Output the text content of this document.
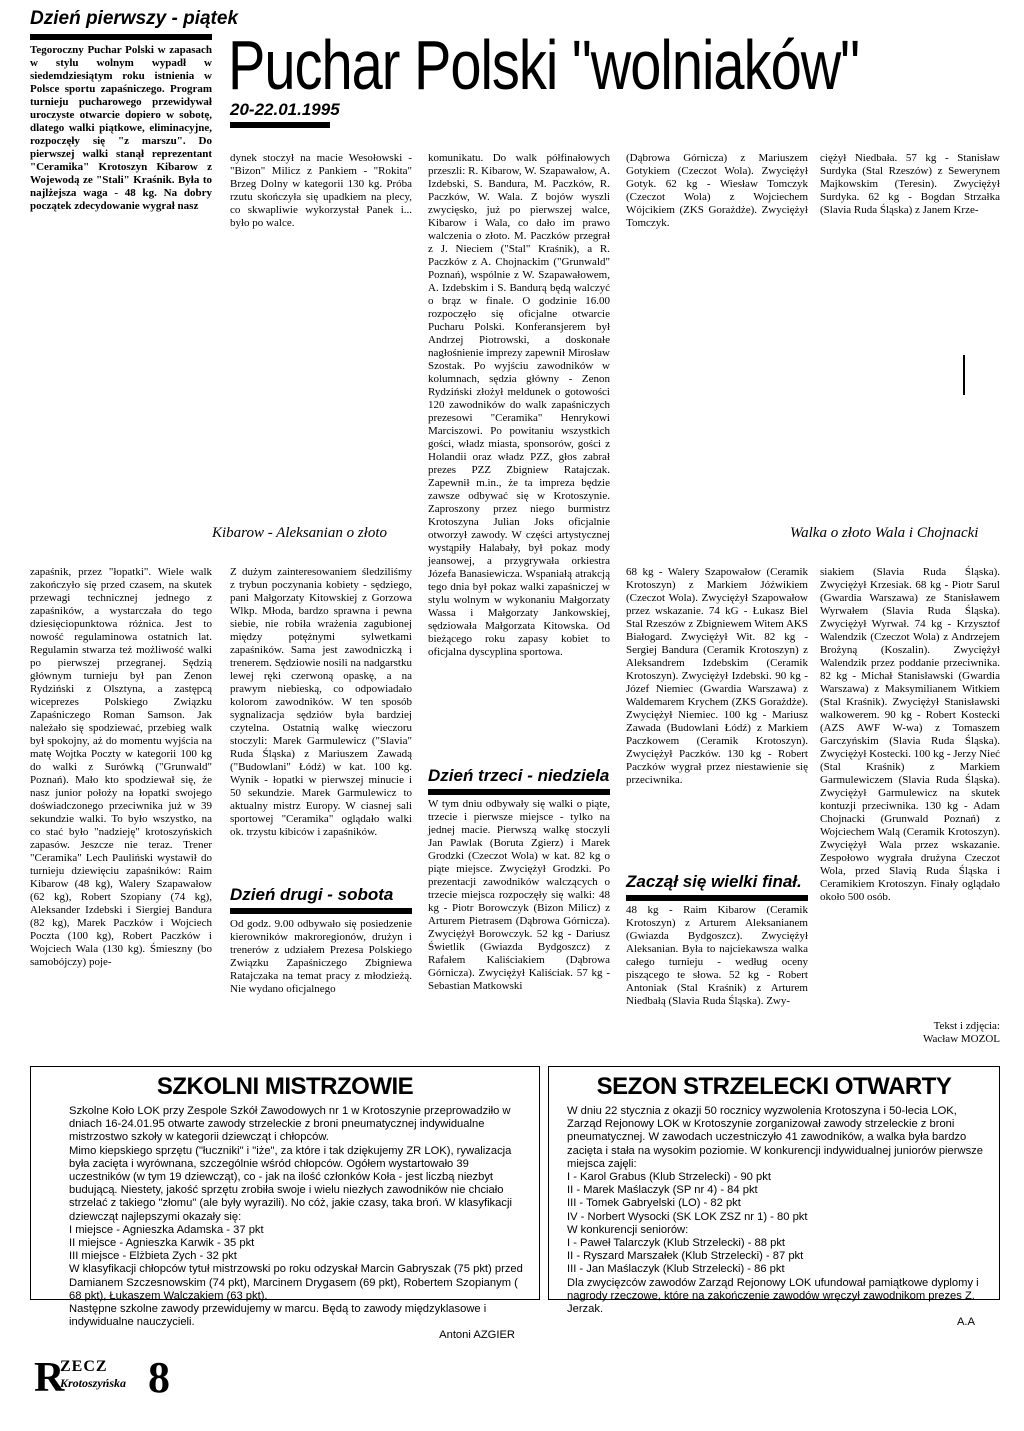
Dzień pierwszy - piątek
Tegoroczny Puchar Polski w zapasach w stylu wolnym wypadł w siedemdziesiątym roku istnienia w Polsce sportu zapaśniczego. Program turnieju pucharowego przewidywał uroczyste otwarcie dopiero w sobotę, dlatego walki piątkowe, eliminacyjne, rozpoczęły się "z marszu". Do pierwszej walki stanął reprezentant "Ceramika" Krotoszyn Kibarow z Wojewodą ze "Stali" Kraśnik. Była to najlżejsza waga - 48 kg. Na dobry początek zdecydowanie wygrał nasz
Puchar Polski "wolniaków"
20-22.01.1995
dynek stoczył na macie Wesołowski - "Bizon" Milicz z Pankiem - "Rokita" Brzeg Dolny w kategorii 130 kg. Próba rzutu skończyła się upadkiem na plecy, co skwapliwie wykorzystał Panek i... było po walce.
komunikatu. Do walk półfinałowych przeszli: R. Kibarow, W. Szapawałow, A. Izdebski, S. Bandura, M. Paczków, R. Paczków, W. Wala. Z bojów wyszli zwycięsko, już po pierwszej walce, Kibarow i Wala, co dało im prawo walczenia o złoto. M. Paczków przegrał z J. Nieciem ("Stal" Kraśnik), a R. Paczków z A. Chojnackim ("Grunwald" Poznań), wspólnie z W. Szapawałowem, A. Izdebskim i S. Bandurą będą walczyć o brąz w finale. O godzinie 16.00 rozpoczęło się oficjalne otwarcie Pucharu Polski. Konferansjerem był Andrzej Piotrowski, a doskonałe nagłośnienie imprezy zapewnił Mirosław Szostak. Po wyjściu zawodników w kolumnach, sędzia główny - Zenon Rydziński złożył meldunek o gotowości 120 zawodników do walk zapaśniczych prezesowi "Ceramika" Henrykowi Marciszowi. Po powitaniu wszystkich gości, władz miasta, sponsorów, gości z Holandii oraz władz PZZ, głos zabrał prezes PZZ Zbigniew Ratajczak. Zapewnił m.in., że ta impreza będzie zawsze odbywać się w Krotoszynie. Zaproszony przez niego burmistrz Krotoszyna Julian Joks oficjalnie otworzył zawody. W części artystycznej wystąpiły Halabały, był pokaz mody jeansowej, a przygrywała orkiestra Józefa Banasiewicza. Wspaniałą atrakcją tego dnia był pokaz walki zapaśniczej w stylu wolnym w wykonaniu Małgorzaty Wassa i Małgorzaty Jankowskiej, sędziowała Małgorzata Kitowska. Od bieżącego roku zapasy kobiet to oficjalna dyscyplina sportowa.
(Dąbrowa Górnicza) z Mariuszem Gotykiem (Czeczot Wola). Zwyciężył Gotyk. 62 kg - Wiesław Tomczyk (Czeczot Wola) z Wojciechem Wójcikiem (ZKS Gorażdże). Zwyciężył Tomczyk.
ciężył Niedbała. 57 kg - Stanisław Surdyka (Stal Rzeszów) z Sewerynem Majkowskim (Teresin). Zwyciężył Surdyka. 62 kg - Bogdan Strzałka (Slavia Ruda Śląska) z Janem Krze-
Kibarow - Aleksanian o złoto	Walka o złoto Wala i Chojnacki
zapaśnik, przez "łopatki". Wiele walk zakończyło się przed czasem, na skutek przewagi technicznej jednego z zapaśników, a wystarczała do tego dziesięciopunktowa różnica. Jest to nowość regulaminowa ostatnich lat. Regulamin stwarza też możliwość walki po pierwszej przegranej. Sędzią głównym turnieju był pan Zenon Rydziński z Olsztyna, a zastępcą wiceprezes Polskiego Związku Zapaśniczego Roman Samson. Jak należało się spodziewać, przebieg walk był spokojny, aż do momentu wyjścia na matę Wojtka Poczty w kategorii 100 kg do walki z Surówką ("Grunwald" Poznań). Mało kto spodziewał się, że nasz junior położy na łopatki swojego doświadczonego przeciwnika już w 39 sekundzie walki. To było wszystko, na co stać było "nadzieję" krotoszyńskich zapasów. Jeszcze nie teraz. Trener "Ceramika" Lech Pauliński wystawił do turnieju dziewięciu zapaśników: Raim Kibarow (48 kg), Walery Szapawałow (62 kg), Robert Szopiany (74 kg), Aleksander Izdebski i Siergiej Bandura (82 kg), Marek Paczków i Wojciech Poczta (100 kg), Robert Paczków i Wojciech Wala (130 kg). Śmieszny (bo samobójczy) poje-
Z dużym zainteresowaniem śledziliśmy z trybun poczynania kobiety - sędziego, pani Małgorzaty Kitowskiej z Gorzowa Wlkp. Młoda, bardzo sprawna i pewna siebie, nie robiła wrażenia zagubionej między potężnymi sylwetkami zapaśników. Sama jest zawodniczką i trenerem. Sędziowie nosili na nadgarstku lewej ręki czerwoną opaskę, a na prawym niebieską, co odpowiadało kolorom zawodników. W ten sposób sygnalizacja sędziów była bardziej czytelna. Ostatnią walkę wieczoru stoczyli: Marek Garmulewicz ("Slavia" Ruda Śląska) z Mariuszem Zawadą ("Budowlani" Łódź) w kat. 100 kg. Wynik - łopatki w pierwszej minucie i 50 sekundzie. Marek Garmulewicz to aktualny mistrz Europy. W ciasnej sali sportowej "Ceramika" oglądało walki ok. trzystu kibiców i zapaśników.
Dzień drugi - sobota
Od godz. 9.00 odbywało się posiedzenie kierowników makroregionów, drużyn i trenerów z udziałem Prezesa Polskiego Związku Zapaśniczego Zbigniewa Ratajczaka na temat pracy z młodzieżą. Nie wydano oficjalnego
Dzień trzeci - niedziela
W tym dniu odbywały się walki o piąte, trzecie i pierwsze miejsce - tylko na jednej macie. Pierwszą walkę stoczyli Jan Pawlak (Boruta Zgierz) i Marek Grodzki (Czeczot Wola) w kat. 82 kg o piąte miejsce. Zwyciężył Grodzki. Po prezentacji zawodników walczących o trzecie miejsca rozpoczęły się walki: 48 kg - Piotr Borowczyk (Bizon Milicz) z Arturem Pietrasem (Dąbrowa Górnicza). Zwyciężył Borowczyk. 52 kg - Dariusz Świetlik (Gwiazda Bydgoszcz) z Rafałem Kaliściakiem (Dąbrowa Górnicza). Zwyciężył Kaliściak. 57 kg - Sebastian Matkowski
68 kg - Walery Szapowałow (Ceramik Krotoszyn) z Markiem Jóźwikiem (Czeczot Wola). Zwyciężył Szapowałow przez wskazanie. 74 kG - Łukasz Biel Stal Rzeszów z Zbigniewem Witem AKS Białogard. Zwyciężył Wit. 82 kg - Sergiej Bandura (Ceramik Krotoszyn) z Aleksandrem Izdebskim (Ceramik Krotoszyn). Zwyciężył Izdebski. 90 kg - Józef Niemiec (Gwardia Warszawa) z Waldemarem Krychem (ZKS Gorażdże). Zwyciężył Niemiec. 100 kg - Mariusz Zawada (Budowlani Łódź) z Markiem Paczkowem (Ceramik Krotoszyn). Zwyciężył Paczków. 130 kg - Robert Paczków wygrał przez niestawienie się przeciwnika.
Zaczął się wielki finał.
48 kg - Raim Kibarow (Ceramik Krotoszyn) z Arturem Aleksanianem (Gwiazda Bydgoszcz). Zwyciężył Aleksanian. Była to najciekawsza walka całego turnieju - według oceny piszącego te słowa. 52 kg - Robert Antoniak (Stal Kraśnik) z Arturem Niedbałą (Slavia Ruda Śląska). Zwy-
siakiem (Slavia Ruda Śląska). Zwyciężył Krzesiak. 68 kg - Piotr Sarul (Gwardia Warszawa) ze Stanisławem Wyrwałem (Slavia Ruda Śląska). Zwyciężył Wyrwał. 74 kg - Krzysztof Walendzik (Czeczot Wola) z Andrzejem Brożyną (Koszalin). Zwyciężył Walendzik przez poddanie przeciwnika. 82 kg - Michał Stanisławski (Gwardia Warszawa) z Maksymilianem Witkiem (Stal Kraśnik). Zwyciężył Stanisławski walkowerem. 90 kg - Robert Kostecki (AZS AWF W-wa) z Tomaszem Garczyńskim (Slavia Ruda Śląska). Zwyciężył Kostecki. 100 kg - Jerzy Nieć (Stal Kraśnik) z Markiem Garmulewiczem (Slavia Ruda Śląska). Zwyciężył Garmulewicz na skutek kontuzji przeciwnika. 130 kg - Adam Chojnacki (Grunwald Poznań) z Wojciechem Walą (Ceramik Krotoszyn). Zwyciężył Wala przez wskazanie. Zespołowo wygrała drużyna Czeczot Wola, przed Slavią Ruda Śląska i Ceramikiem Krotoszyn. Finały oglądało około 500 osób.
Tekst i zdjęcia:
Wacław MOZOL
SZKOLNI MISTRZOWIE

Szkolne Koło LOK przy Zespole Szkół Zawodowych nr 1 w Krotoszynie przeprowadziło w dniach 16-24.01.95 otwarte zawody strzeleckie z broni pneumatycznej indywidualne mistrzostwo szkoły w kategorii dziewcząt i chłopców.

Mimo kiepskiego sprzętu ("łuczniki" i "iże", za które i tak dziękujemy ZR LOK), rywalizacja była zacięta i wyrównana, szczególnie wśród chłopców. Ogółem wystartowało 39 uczestników (w tym 19 dziewcząt), co - jak na ilość członków Koła - jest liczbą niezbyt budującą. Niestety, jakość sprzętu zrobiła swoje i wielu niezłych zawodników nie chciało strzelać z takiego "złomu" (ale były wyrazili). No cóż, jakie czasy, taka broń. W klasyfikacji dziewcząt najlepszymi okazały się:

I miejsce - Agnieszka Adamska - 37 pkt

II miejsce - Agnieszka Karwik - 35 pkt

III miejsce - Elżbieta Zych - 32 pkt

W klasyfikacji chłopców tytuł mistrzowski po roku odzyskał Marcin Gabryszak (75 pkt) przed Damianem Szczesnowskim (74 pkt), Marcinem Drygasem (69 pkt), Robertem Szopianym ( 68 pkt), Łukaszem Walczakiem (63 pkt).

Następne szkolne zawody przewidujemy w marcu. Będą to zawody międzyklasowe i indywidualne nauczycieli.

Antoni AZGIER

SEZON STRZELECKI OTWARTY

W dniu 22 stycznia z okazji 50 rocznicy wyzwolenia Krotoszyna i 50-lecia LOK, Zarząd Rejonowy LOK w Krotoszynie zorganizował zawody strzeleckie z broni pneumatycznej. W zawodach uczestniczyło 41 zawodników, a walka była bardzo zacięta i stała na wysokim poziomie. W konkurencji indywidualnej juniorów pierwsze miejsca zajęli:

I - Karol Grabus (Klub Strzelecki) - 90 pkt

II - Marek Maślaczyk (SP nr 4) - 84 pkt

III - Tomek Gabryelski (LO) - 82 pkt

IV - Norbert Wysocki (SK LOK ZSZ nr 1) - 80 pkt

W konkurencji seniorów:

I - Paweł Talarczyk (Klub Strzelecki) - 88 pkt

II - Ryszard Marszałek (Klub Strzelecki) - 87 pkt

III - Jan Maślaczyk (Klub Strzelecki) - 86 pkt

Dla zwycięzców zawodów Zarząd Rejonowy LOK ufundował pamiątkowe dyplomy i nagrody rzeczowe, które na zakończenie zawodów wręczył zawodnikom prezes Z. Jerzak.

A.A

R
ZECZ
Krotoszyńska 8
